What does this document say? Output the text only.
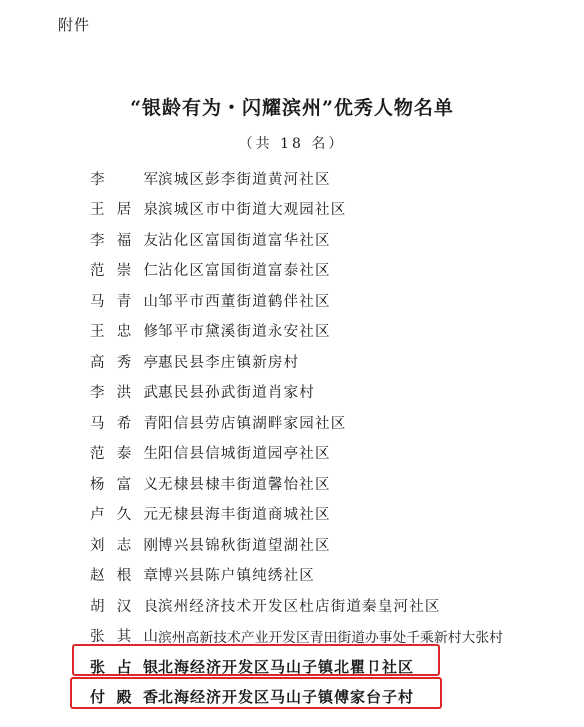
附件
“银龄有为・闪耀滨州”优秀人物名单
（共 18 名）
李
　	军 滨城区彭李街道黄河社区
王 居 泉 滨城区市中街道大观园社区
李 福 友 沾化区富国街道富华社区
范 崇 仁 沾化区富国街道富泰社区
马 青 山 邹平市西董街道鹤伴社区
王 忠 修 邹平市黛溪街道永安社区
高 秀 亭 惠民县李庄镇新房村
李 洪 武 惠民县孙武街道肖家村
马 希 青 阳信县劳店镇湖畔家园社区
范 泰 生 阳信县信城街道园亭社区
杨 富 义 无棣县棣丰街道馨怡社区
卢 久 元 无棣县海丰街道商城社区
刘 志 刚 博兴县锦秋街道望湖社区
赵 根 章 博兴县陈户镇纯绣社区
胡 汉 良 滨州经济技术开发区杜店街道秦皇河社区
张 其 山 滨州高新技术产业开发区青田街道办事处千乘新村大张村
张 占 银 北海经济开发区马山子镇北瞿卩社区
付 殿 香 北海经济开发区马山子镇傅家台子村
